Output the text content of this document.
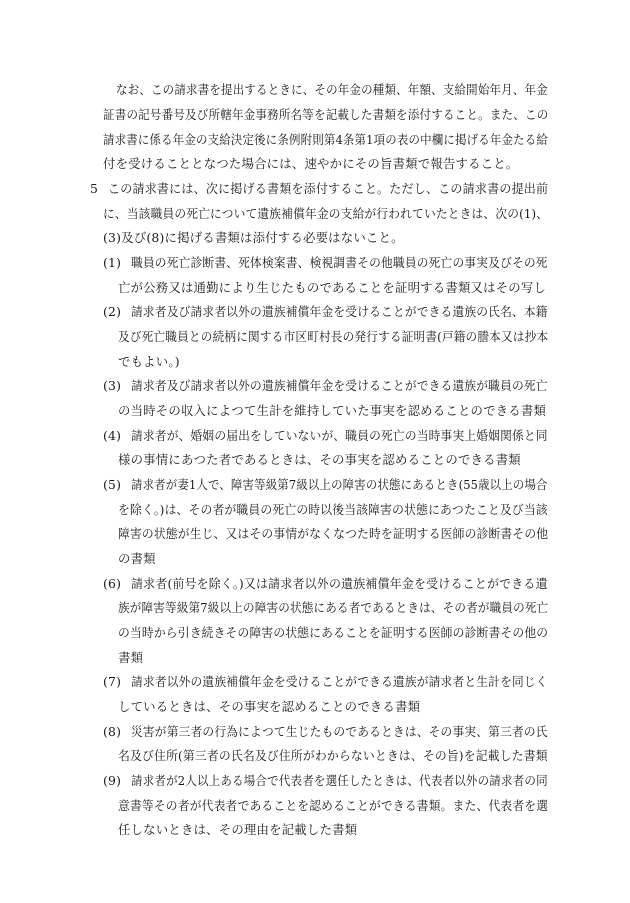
なお、この請求書を提出するときに、その年金の種類、年額、支給開始年月、年金
証書の記号番号及び所轄年金事務所名等を記載した書類を添付すること。また、この
請求書に係る年金の支給決定後に条例附則第4条第1項の表の中欄に掲げる年金たる給
付を受けることとなつた場合には、速やかにその旨書類で報告すること。
5 この請求書には、次に掲げる書類を添付すること。ただし、この請求書の提出前
に、当該職員の死亡について遺族補償年金の支給が行われていたときは、次の(1)、
(3)及び(8)に掲げる書類は添付する必要はないこと。
(1) 職員の死亡診断書、死体検案書、検視調書その他職員の死亡の事実及びその死
亡が公務又は通勤により生じたものであることを証明する書類又はその写し
(2) 請求者及び請求者以外の遺族補償年金を受けることができる遺族の氏名、本籍
及び死亡職員との続柄に関する市区町村長の発行する証明書(戸籍の謄本又は抄本
でもよい。)
(3) 請求者及び請求者以外の遺族補償年金を受けることができる遺族が職員の死亡
の当時その収入によつて生計を維持していた事実を認めることのできる書類
(4) 請求者が、婚姻の届出をしていないが、職員の死亡の当時事実上婚姻関係と同
様の事情にあつた者であるときは、その事実を認めることのできる書類
(5) 請求者が妻1人で、障害等級第7級以上の障害の状態にあるとき(55歳以上の場合
を除く。)は、その者が職員の死亡の時以後当該障害の状態にあつたこと及び当該
障害の状態が生じ、又はその事情がなくなつた時を証明する医師の診断書その他
の書類
(6) 請求者(前号を除く。)又は請求者以外の遺族補償年金を受けることができる遺
族が障害等級第7級以上の障害の状態にある者であるときは、その者が職員の死亡
の当時から引き続きその障害の状態にあることを証明する医師の診断書その他の
書類
(7) 請求者以外の遺族補償年金を受けることができる遺族が請求者と生計を同じく
しているときは、その事実を認めることのできる書類
(8) 災害が第三者の行為によつて生じたものであるときは、その事実、第三者の氏
名及び住所(第三者の氏名及び住所がわからないときは、その旨)を記載した書類
(9) 請求者が2人以上ある場合で代表者を選任したときは、代表者以外の請求者の同
意書等その者が代表者であることを認めることができる書類。また、代表者を選
任しないときは、その理由を記載した書類
